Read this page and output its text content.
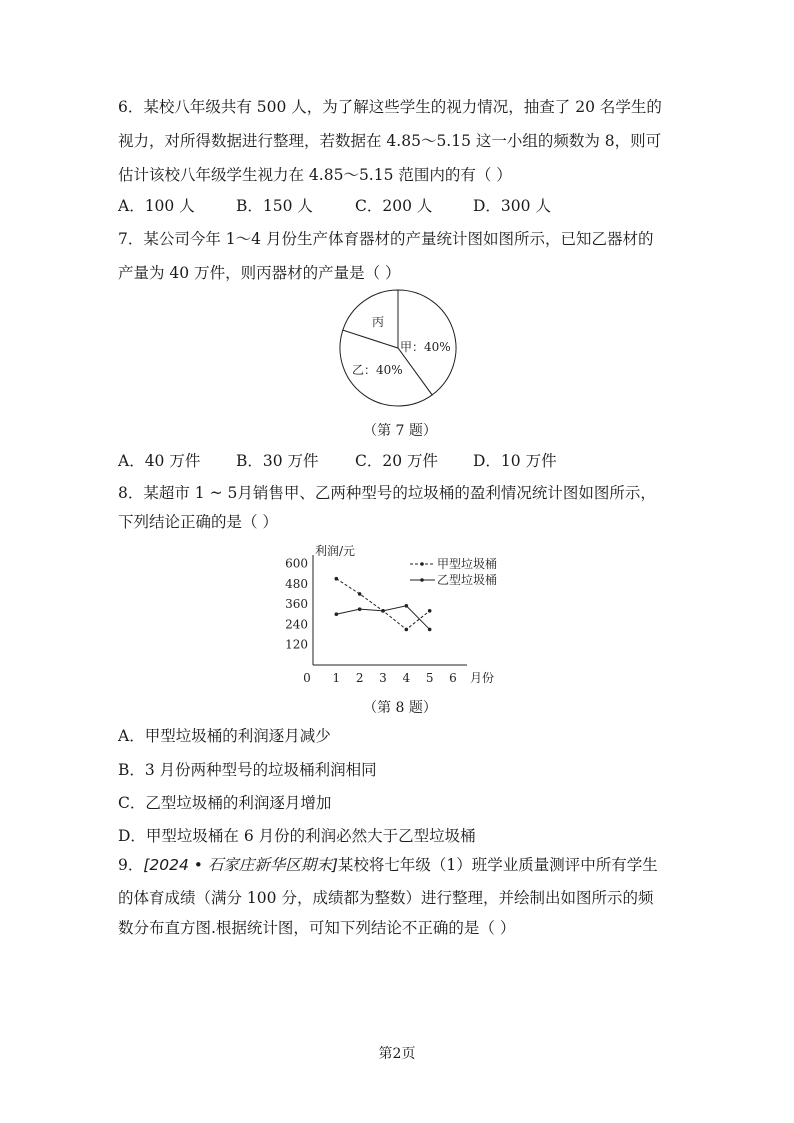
6．某校八年级共有 500 人，为了解这些学生的视力情况，抽查了 20 名学生的
视力，对所得数据进行整理，若数据在 4.85～5.15 这一小组的频数为 8，则可
估计该校八年级学生视力在 4.85～5.15 范围内的有（ ）
A．100 人	B．150 人	C．200 人	D．300 人
7．某公司今年 1～4 月份生产体育器材的产量统计图如图所示，已知乙器材的
产量为 40 万件，则丙器材的产量是（ ）
丙
甲：40%
乙：40%
（第 7 题）
A．40 万件 B．30 万件 C．20 万件 D．10 万件
8．某超市 1 ~ 5月销售甲、乙两种型号的垃圾桶的盈利情况统计图如图所示，
下列结论正确的是（ ）
利润/元
月份
120
240
360
480
600
0 1 2 3 4 5 6
甲型垃圾桶
乙型垃圾桶
（第 8 题）
A．甲型垃圾桶的利润逐月减少
B．3 月份两种型号的垃圾桶利润相同
C．乙型垃圾桶的利润逐月增加
D．甲型垃圾桶在 6 月份的利润必然大于乙型垃圾桶
9．[2024 • 石家庄新华区期末]某校将七年级（1）班学业质量测评中所有学生
的体育成绩（满分 100 分，成绩都为整数）进行整理，并绘制出如图所示的频
数分布直方图.根据统计图，可知下列结论不正确的是（ ）
第2页
